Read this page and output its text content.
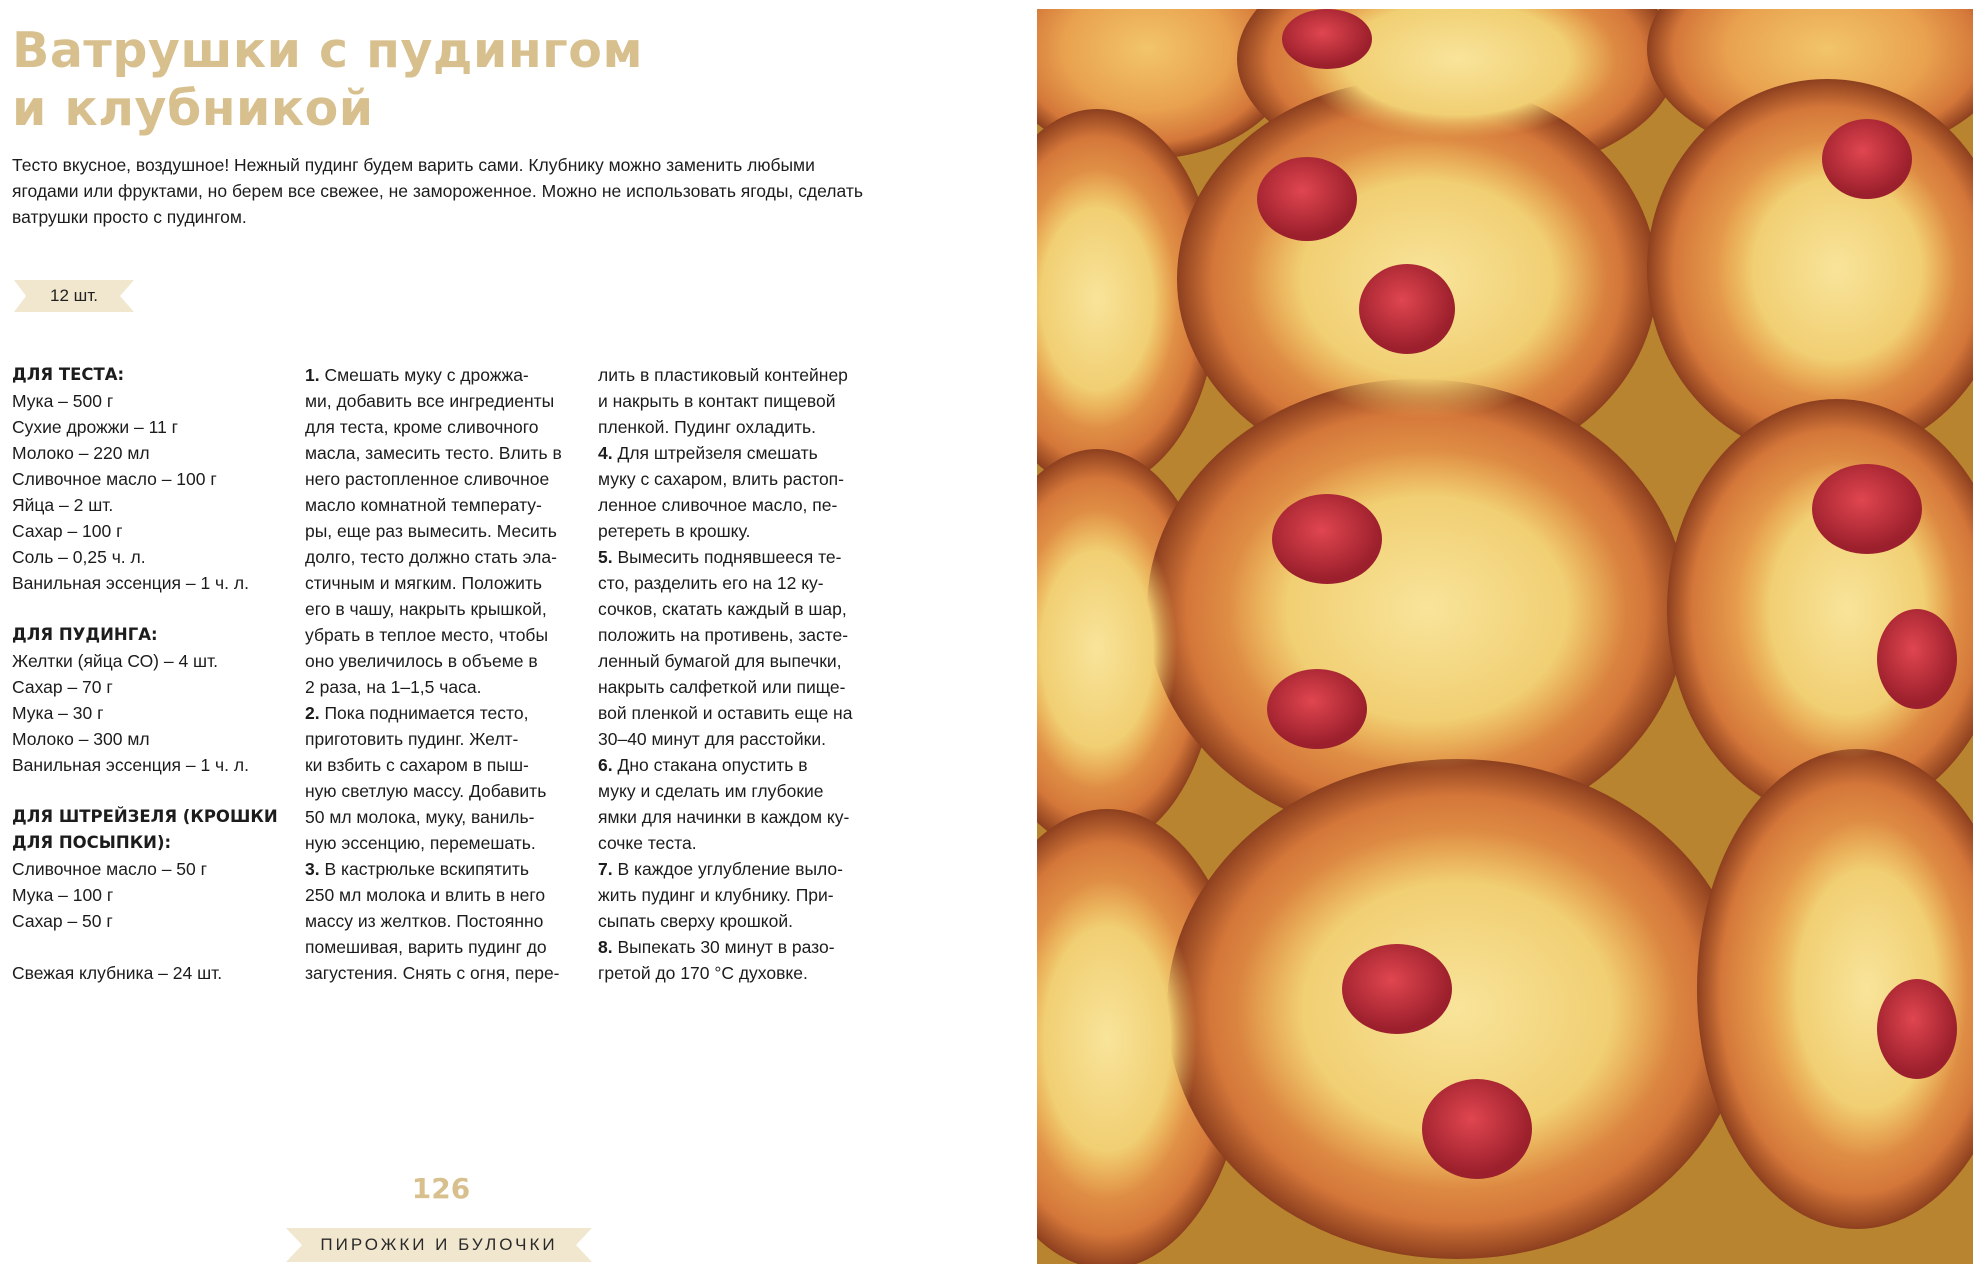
Ватрушки с пудингом
и клубникой

Тесто вкусное, воздушное! Нежный пудинг будем варить сами. Клубнику можно заменить любыми ягодами или фруктами, но берем все свежее, не замороженное. Можно не использовать ягоды, сделать ватрушки просто с пудингом.

12 шт.

ДЛЯ ТЕСТА:

Мука – 500 г

Сухие дрожжи – 11 г

Молоко – 220 мл

Сливочное масло – 100 г

Яйца – 2 шт.

Сахар – 100 г

Соль – 0,25 ч. л.

Ванильная эссенция – 1 ч. л.

ДЛЯ ПУДИНГА:

Желтки (яйца СО) – 4 шт.

Сахар – 70 г

Мука – 30 г

Молоко – 300 мл

Ванильная эссенция – 1 ч. л.

ДЛЯ ШТРЕЙЗЕЛЯ (КРОШКИ

ДЛЯ ПОСЫПКИ):

Сливочное масло – 50 г

Мука – 100 г

Сахар – 50 г

Свежая клубника – 24 шт.

1. Смешать муку с дрожжа-

ми, добавить все ингредиенты

для теста, кроме сливочного

масла, замесить тесто. Влить в

него растопленное сливочное

масло комнатной температу-

ры, еще раз вымесить. Месить

долго, тесто должно стать эла-

стичным и мягким. Положить

его в чашу, накрыть крышкой,

убрать в теплое место, чтобы

оно увеличилось в объеме в

2 раза, на 1–1,5 часа.

2. Пока поднимается тесто,

приготовить пудинг. Желт-

ки взбить с сахаром в пыш-

ную светлую массу. Добавить

50 мл молока, муку, ваниль-

ную эссенцию, перемешать.

3. В кастрюльке вскипятить

250 мл молока и влить в него

массу из желтков. Постоянно

помешивая, варить пудинг до

загустения. Снять с огня, пере-

лить в пластиковый контейнер

и накрыть в контакт пищевой

пленкой. Пудинг охладить.

4. Для штрейзеля смешать

муку с сахаром, влить растоп-

ленное сливочное масло, пе-

ретереть в крошку.

5. Вымесить поднявшееся те-

сто, разделить его на 12 ку-

сочков, скатать каждый в шар,

положить на противень, засте-

ленный бумагой для выпечки,

накрыть салфеткой или пище-

вой пленкой и оставить еще на

30–40 минут для расстойки.

6. Дно стакана опустить в

муку и сделать им глубокие

ямки для начинки в каждом ку-

сочке теста.

7. В каждое углубление выло-

жить пудинг и клубнику. При-

сыпать сверху крошкой.

8. Выпекать 30 минут в разо-

гретой до 170 °C духовке.

126
ПИРОЖКИ И БУЛОЧКИ
